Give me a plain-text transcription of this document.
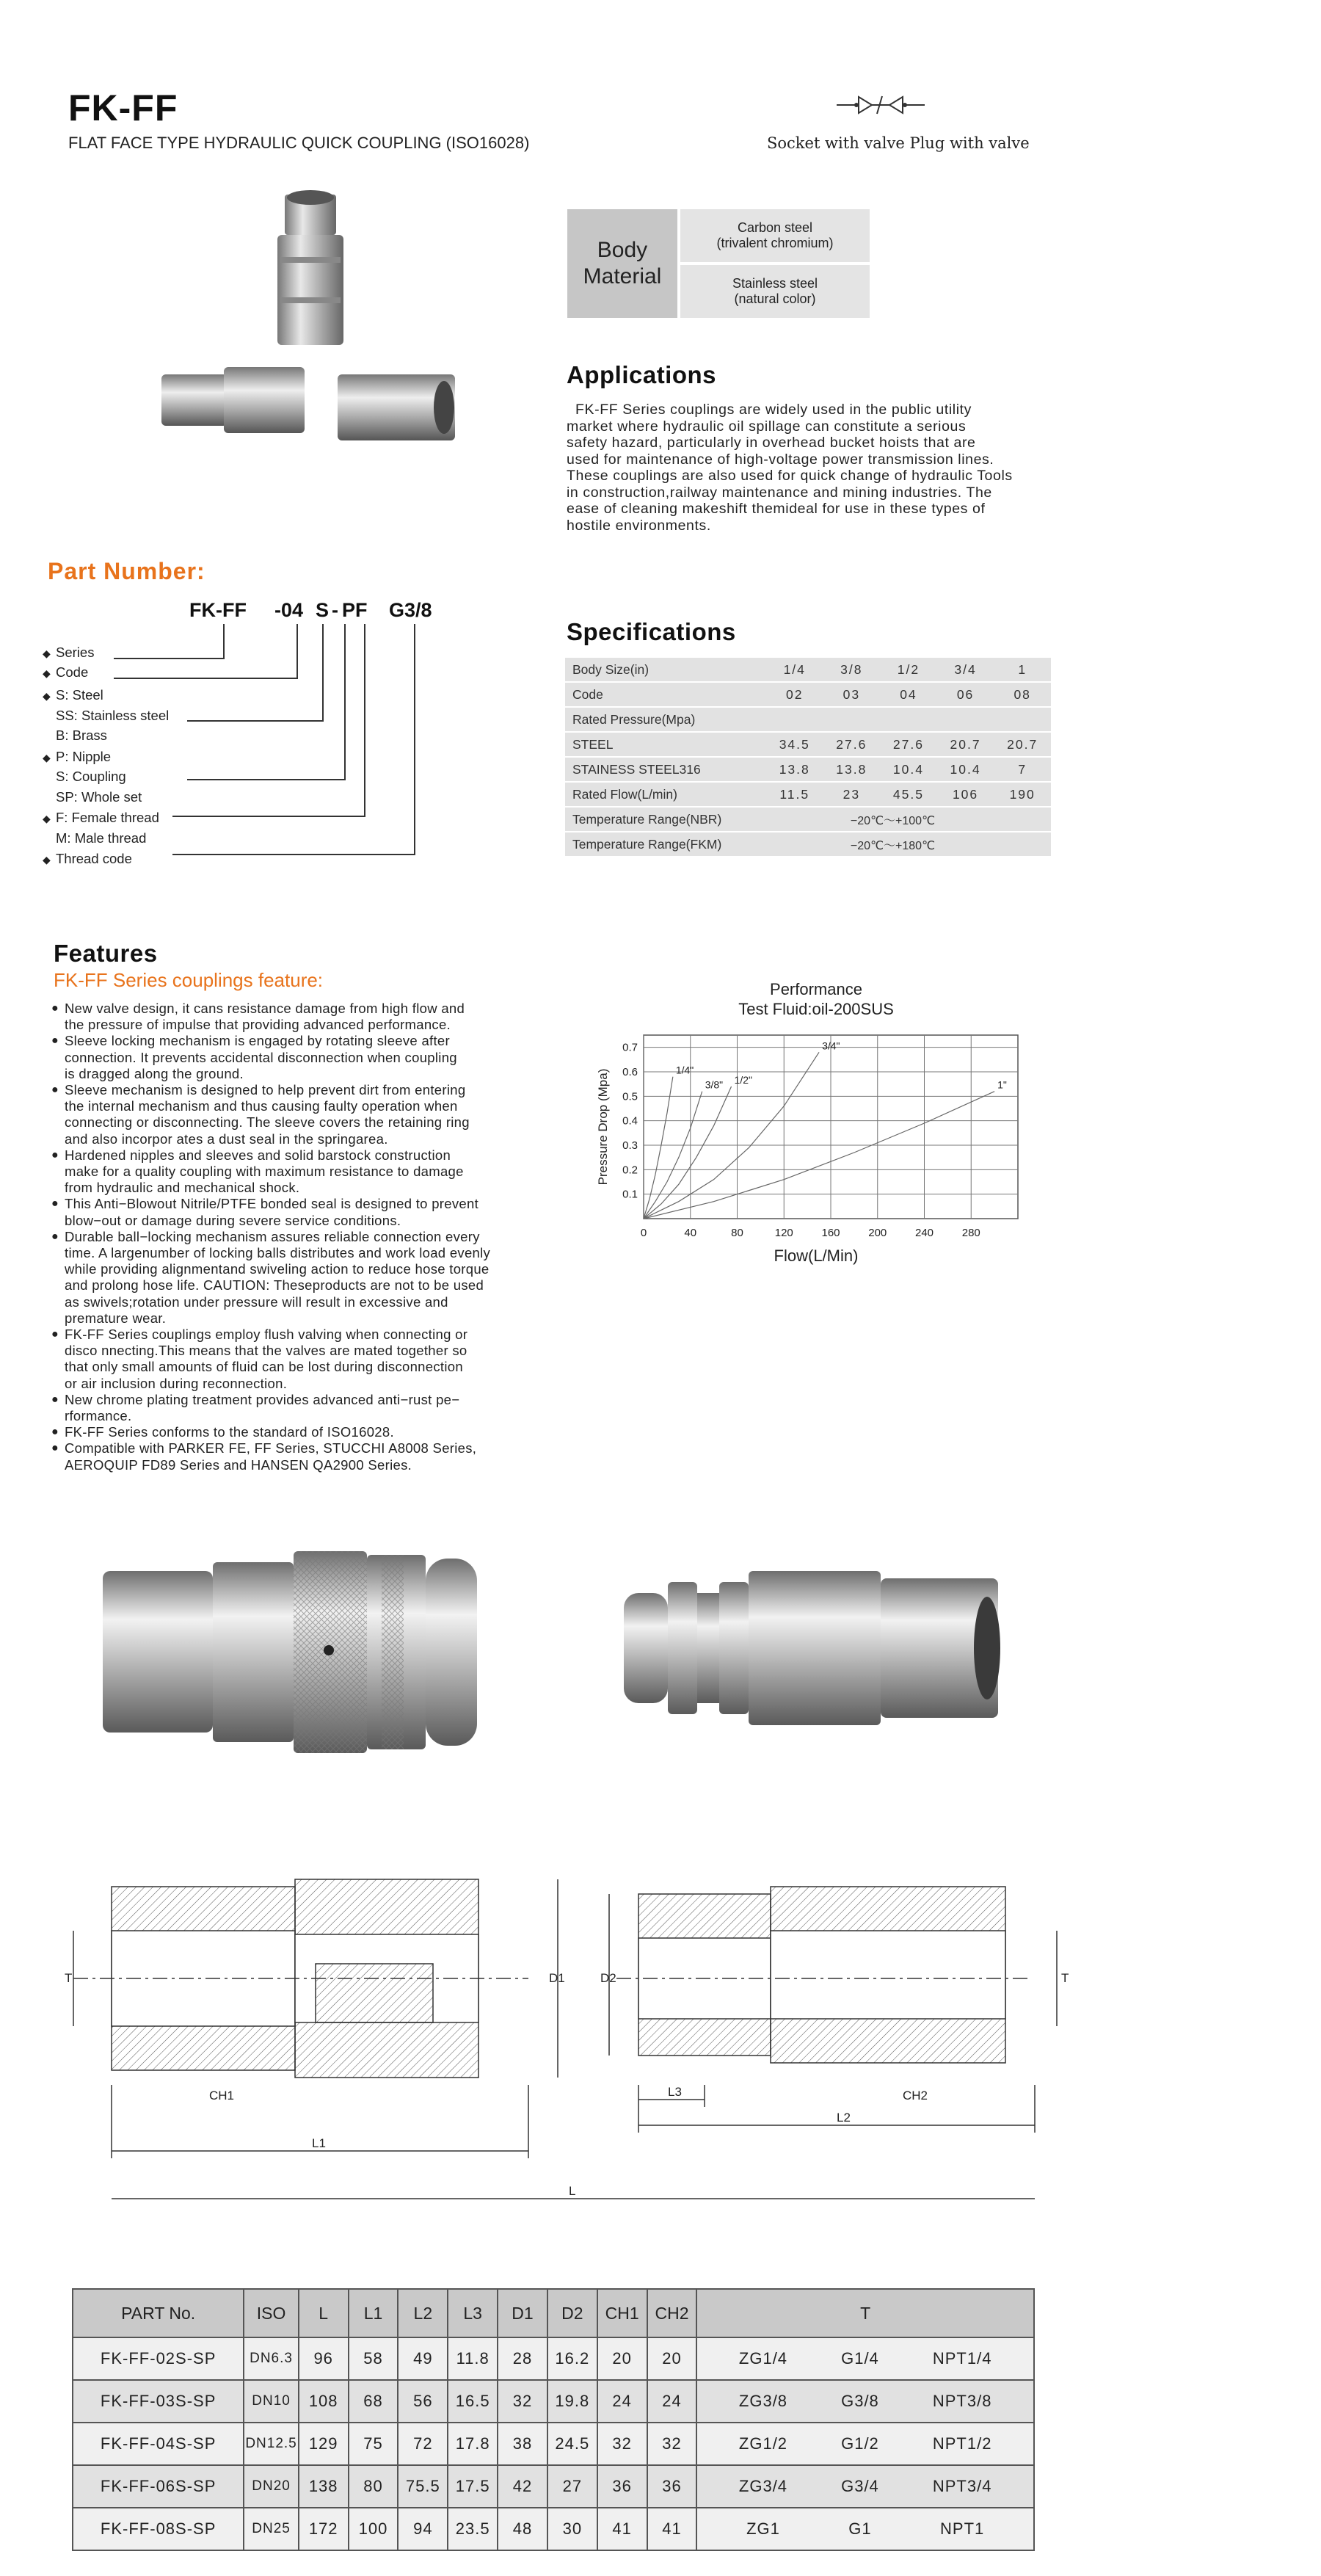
FK-FF
FLAT FACE TYPE HYDRAULIC QUICK COUPLING (ISO16028)	Socket with valve Plug with valve
Body
Material
Carbon steel
(trivalent chromium)
Stainless steel
(natural color)
Applications
FK-FF Series couplings are widely used in the public utility
market where hydraulic oil spillage can constitute a serious
safety hazard, particularly in overhead bucket hoists that are
used for maintenance of high-voltage power transmission lines.
These couplings are also used for quick change of hydraulic Tools
in construction,railway maintenance and mining industries. The
ease of cleaning makeshift themideal for use in these types of
hostile environments.
Part Number:
FK-FF -04 S - PF G3/8
◆ Series
◆ Code
◆ S: Steel
SS: Stainless steel
B: Brass
◆ P: Nipple
S: Coupling
SP: Whole set
◆ F: Female thread
M: Male thread
◆ Thread code
Specifications
Body Size(in)	1/4	3/8	1/2	3/4	1
Code	02	03	04	06	08
Rated Pressure(Mpa)					
STEEL	34.5	27.6	27.6	20.7	20.7
STAINESS STEEL316	13.8	13.8	10.4	10.4	7
Rated Flow(L/min)	11.5	23	45.5	106	190
Temperature Range(NBR)	−20℃～+100℃				
Temperature Range(FKM)	−20℃～+180℃				
Features
FK-FF Series couplings feature:
● New valve design, it cans resistance damage from high flow and
the pressure of impulse that providing advanced performance.
● Sleeve locking mechanism is engaged by rotating sleeve after
connection. It prevents accidental disconnection when coupling
is dragged along the ground.
● Sleeve mechanism is designed to help prevent dirt from entering
the internal mechanism and thus causing faulty operation when
connecting or disconnecting. The sleeve covers the retaining ring
and also incorpor ates a dust seal in the springarea.
● Hardened nipples and sleeves and solid barstock construction
make for a quality coupling with maximum resistance to damage
from hydraulic and mechanical shock.
● This Anti−Blowout Nitrile/PTFE bonded seal is designed to prevent
blow−out or damage during severe service conditions.
● Durable ball−locking mechanism assures reliable connection every
time. A largenumber of locking balls distributes and work load evenly
while providing alignmentand swiveling action to reduce hose torque
and prolong hose life. CAUTION: Theseproducts are not to be used
as swivels;rotation under pressure will result in excessive and
premature wear.
● FK-FF Series couplings employ flush valving when connecting or
disco nnecting.This means that the valves are mated together so
that only small amounts of fluid can be lost during disconnection
or air inclusion during reconnection.
● New chrome plating treatment provides advanced anti−rust pe−
rformance.
● FK-FF Series conforms to the standard of ISO16028.
● Compatible with PARKER FE, FF Series, STUCCHI A8008 Series,
AEROQUIP FD89 Series and HANSEN QA2900 Series.
Performance
Test Fluid:oil-200SUS
0	40	80	120	160	200	240	280
0.1
0.2
0.3
0.4
0.5
0.6
0.7
Flow(L/Min)
Pressure Drop (Mpa)	1/4"
3/8" 1/2"
3/4"
1"
T	T
D1	D2
CH1	CH2
L1
L2
L3
L
PART No.	ISO	L	L1	L2	L3	D1	D2	CH1	CH2	T
FK-FF-02S-SP	DN6.3	96	58	49	11.8	28	16.2	20	20	ZG1/4 G1/4 NPT1/4

FK-FF-03S-SP	DN10	108	68	56	16.5	32	19.8	24	24	ZG3/8 G3/8 NPT3/8

FK-FF-04S-SP	DN12.5	129	75	72	17.8	38	24.5	32	32	ZG1/2 G1/2 NPT1/2

FK-FF-06S-SP	DN20	138	80	75.5	17.5	42	27	36	36	ZG3/4 G3/4 NPT3/4

FK-FF-08S-SP	DN25	172	100	94	23.5	48	30	41	41	ZG1 G1 NPT1
